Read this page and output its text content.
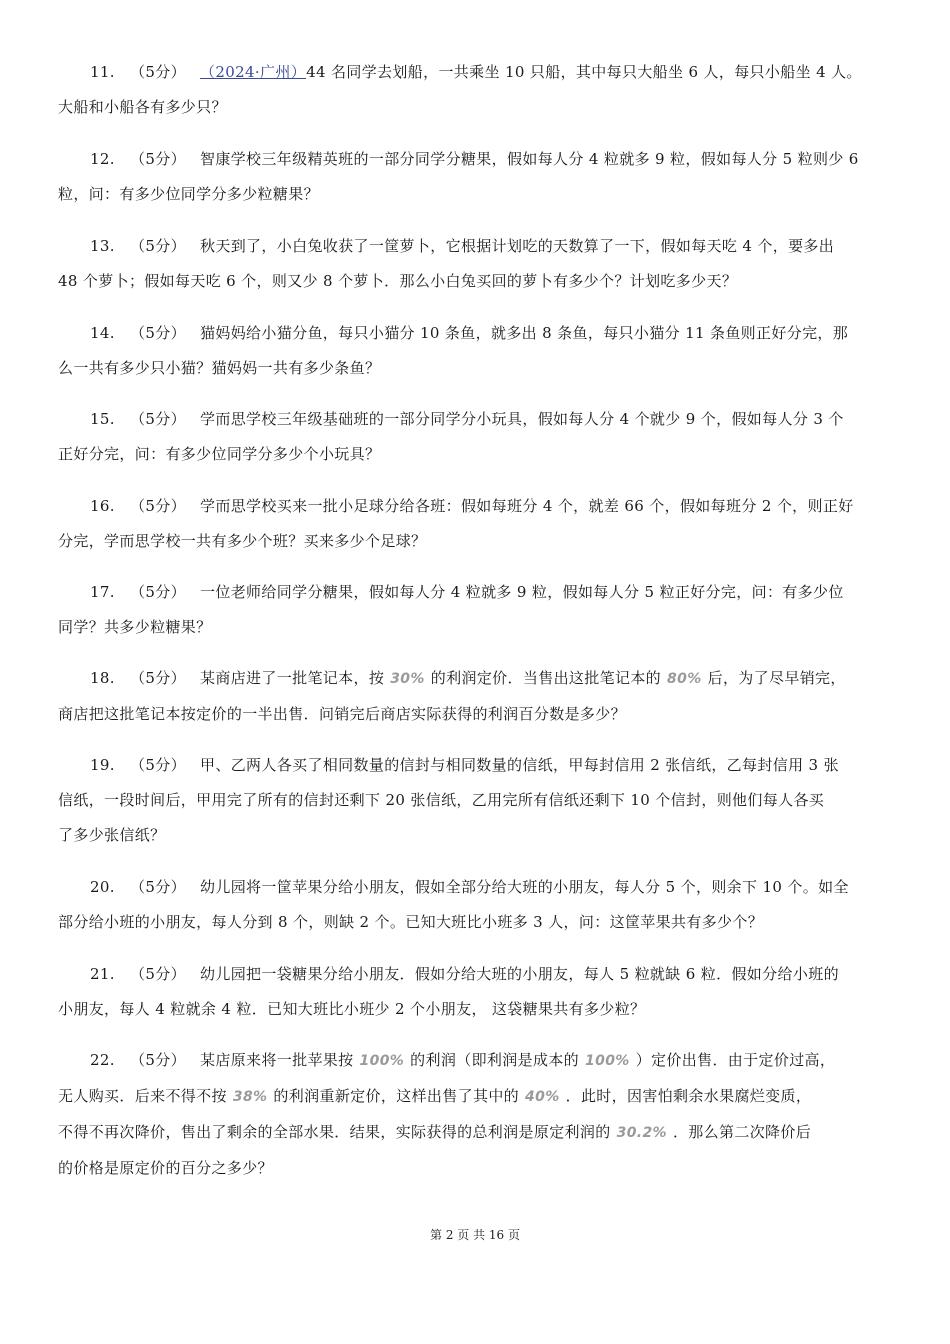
11. （5分） （2024·广州）44 名同学去划船，一共乘坐 10 只船，其中每只大船坐 6 人，每只小船坐 4 人。
大船和小船各有多少只？
12. （5分） 智康学校三年级精英班的一部分同学分糖果，假如每人分 4 粒就多 9 粒，假如每人分 5 粒则少 6
粒，问：有多少位同学分多少粒糖果？
13. （5分） 秋天到了，小白兔收获了一筐萝卜，它根据计划吃的天数算了一下，假如每天吃 4 个，要多出
48 个萝卜；假如每天吃 6 个，则又少 8 个萝卜．那么小白兔买回的萝卜有多少个？计划吃多少天？
14. （5分） 猫妈妈给小猫分鱼，每只小猫分 10 条鱼，就多出 8 条鱼，每只小猫分 11 条鱼则正好分完，那
么一共有多少只小猫？猫妈妈一共有多少条鱼？
15. （5分） 学而思学校三年级基础班的一部分同学分小玩具，假如每人分 4 个就少 9 个，假如每人分 3 个
正好分完，问：有多少位同学分多少个小玩具？
16. （5分） 学而思学校买来一批小足球分给各班：假如每班分 4 个，就差 66 个，假如每班分 2 个，则正好
分完，学而思学校一共有多少个班？买来多少个足球？
17. （5分） 一位老师给同学分糖果，假如每人分 4 粒就多 9 粒，假如每人分 5 粒正好分完，问：有多少位
同学？共多少粒糖果？
18. （5分） 某商店进了一批笔记本，按 30% 的利润定价．当售出这批笔记本的 80% 后，为了尽早销完，
商店把这批笔记本按定价的一半出售．问销完后商店实际获得的利润百分数是多少？
19. （5分） 甲、乙两人各买了相同数量的信封与相同数量的信纸，甲每封信用 2 张信纸，乙每封信用 3 张
信纸，一段时间后，甲用完了所有的信封还剩下 20 张信纸，乙用完所有信纸还剩下 10 个信封，则他们每人各买
了多少张信纸？
20. （5分） 幼儿园将一筐苹果分给小朋友，假如全部分给大班的小朋友，每人分 5 个，则余下 10 个。如全
部分给小班的小朋友，每人分到 8 个，则缺 2 个。已知大班比小班多 3 人，问：这筐苹果共有多少个？
21. （5分） 幼儿园把一袋糖果分给小朋友．假如分给大班的小朋友，每人 5 粒就缺 6 粒．假如分给小班的
小朋友，每人 4 粒就余 4 粒．已知大班比小班少 2 个小朋友， 这袋糖果共有多少粒？
22. （5分） 某店原来将一批苹果按 100% 的利润（即利润是成本的 100% ）定价出售．由于定价过高，
无人购买．后来不得不按 38% 的利润重新定价，这样出售了其中的 40% ．此时，因害怕剩余水果腐烂变质，
不得不再次降价，售出了剩余的全部水果．结果，实际获得的总利润是原定利润的 30.2% ．那么第二次降价后
的价格是原定价的百分之多少？
第 2 页 共 16 页
